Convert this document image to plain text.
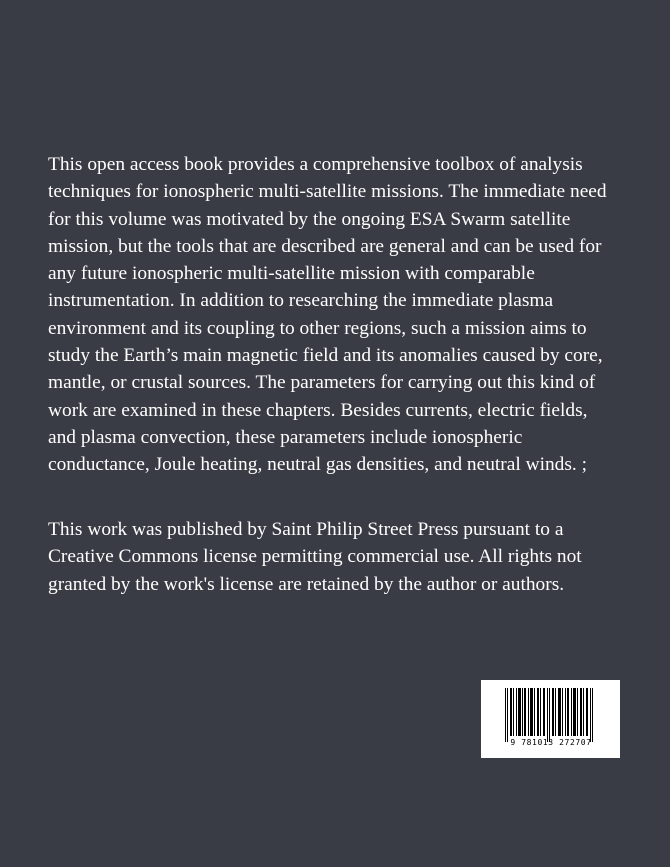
This open access book provides a comprehensive toolbox of analysis
techniques for ionospheric multi-satellite missions. The immediate need
for this volume was motivated by the ongoing ESA Swarm satellite
mission, but the tools that are described are general and can be used for
any future ionospheric multi-satellite mission with comparable
instrumentation. In addition to researching the immediate plasma
environment and its coupling to other regions, such a mission aims to
study the Earth’s main magnetic field and its anomalies caused by core,
mantle, or crustal sources. The parameters for carrying out this kind of
work are examined in these chapters. Besides currents, electric fields,
and plasma convection, these parameters include ionospheric
conductance, Joule heating, neutral gas densities, and neutral winds. ;

This work was published by Saint Philip Street Press pursuant to a
Creative Commons license permitting commercial use. All rights not
granted by the work's license are retained by the author or authors.

9 781013 272707
